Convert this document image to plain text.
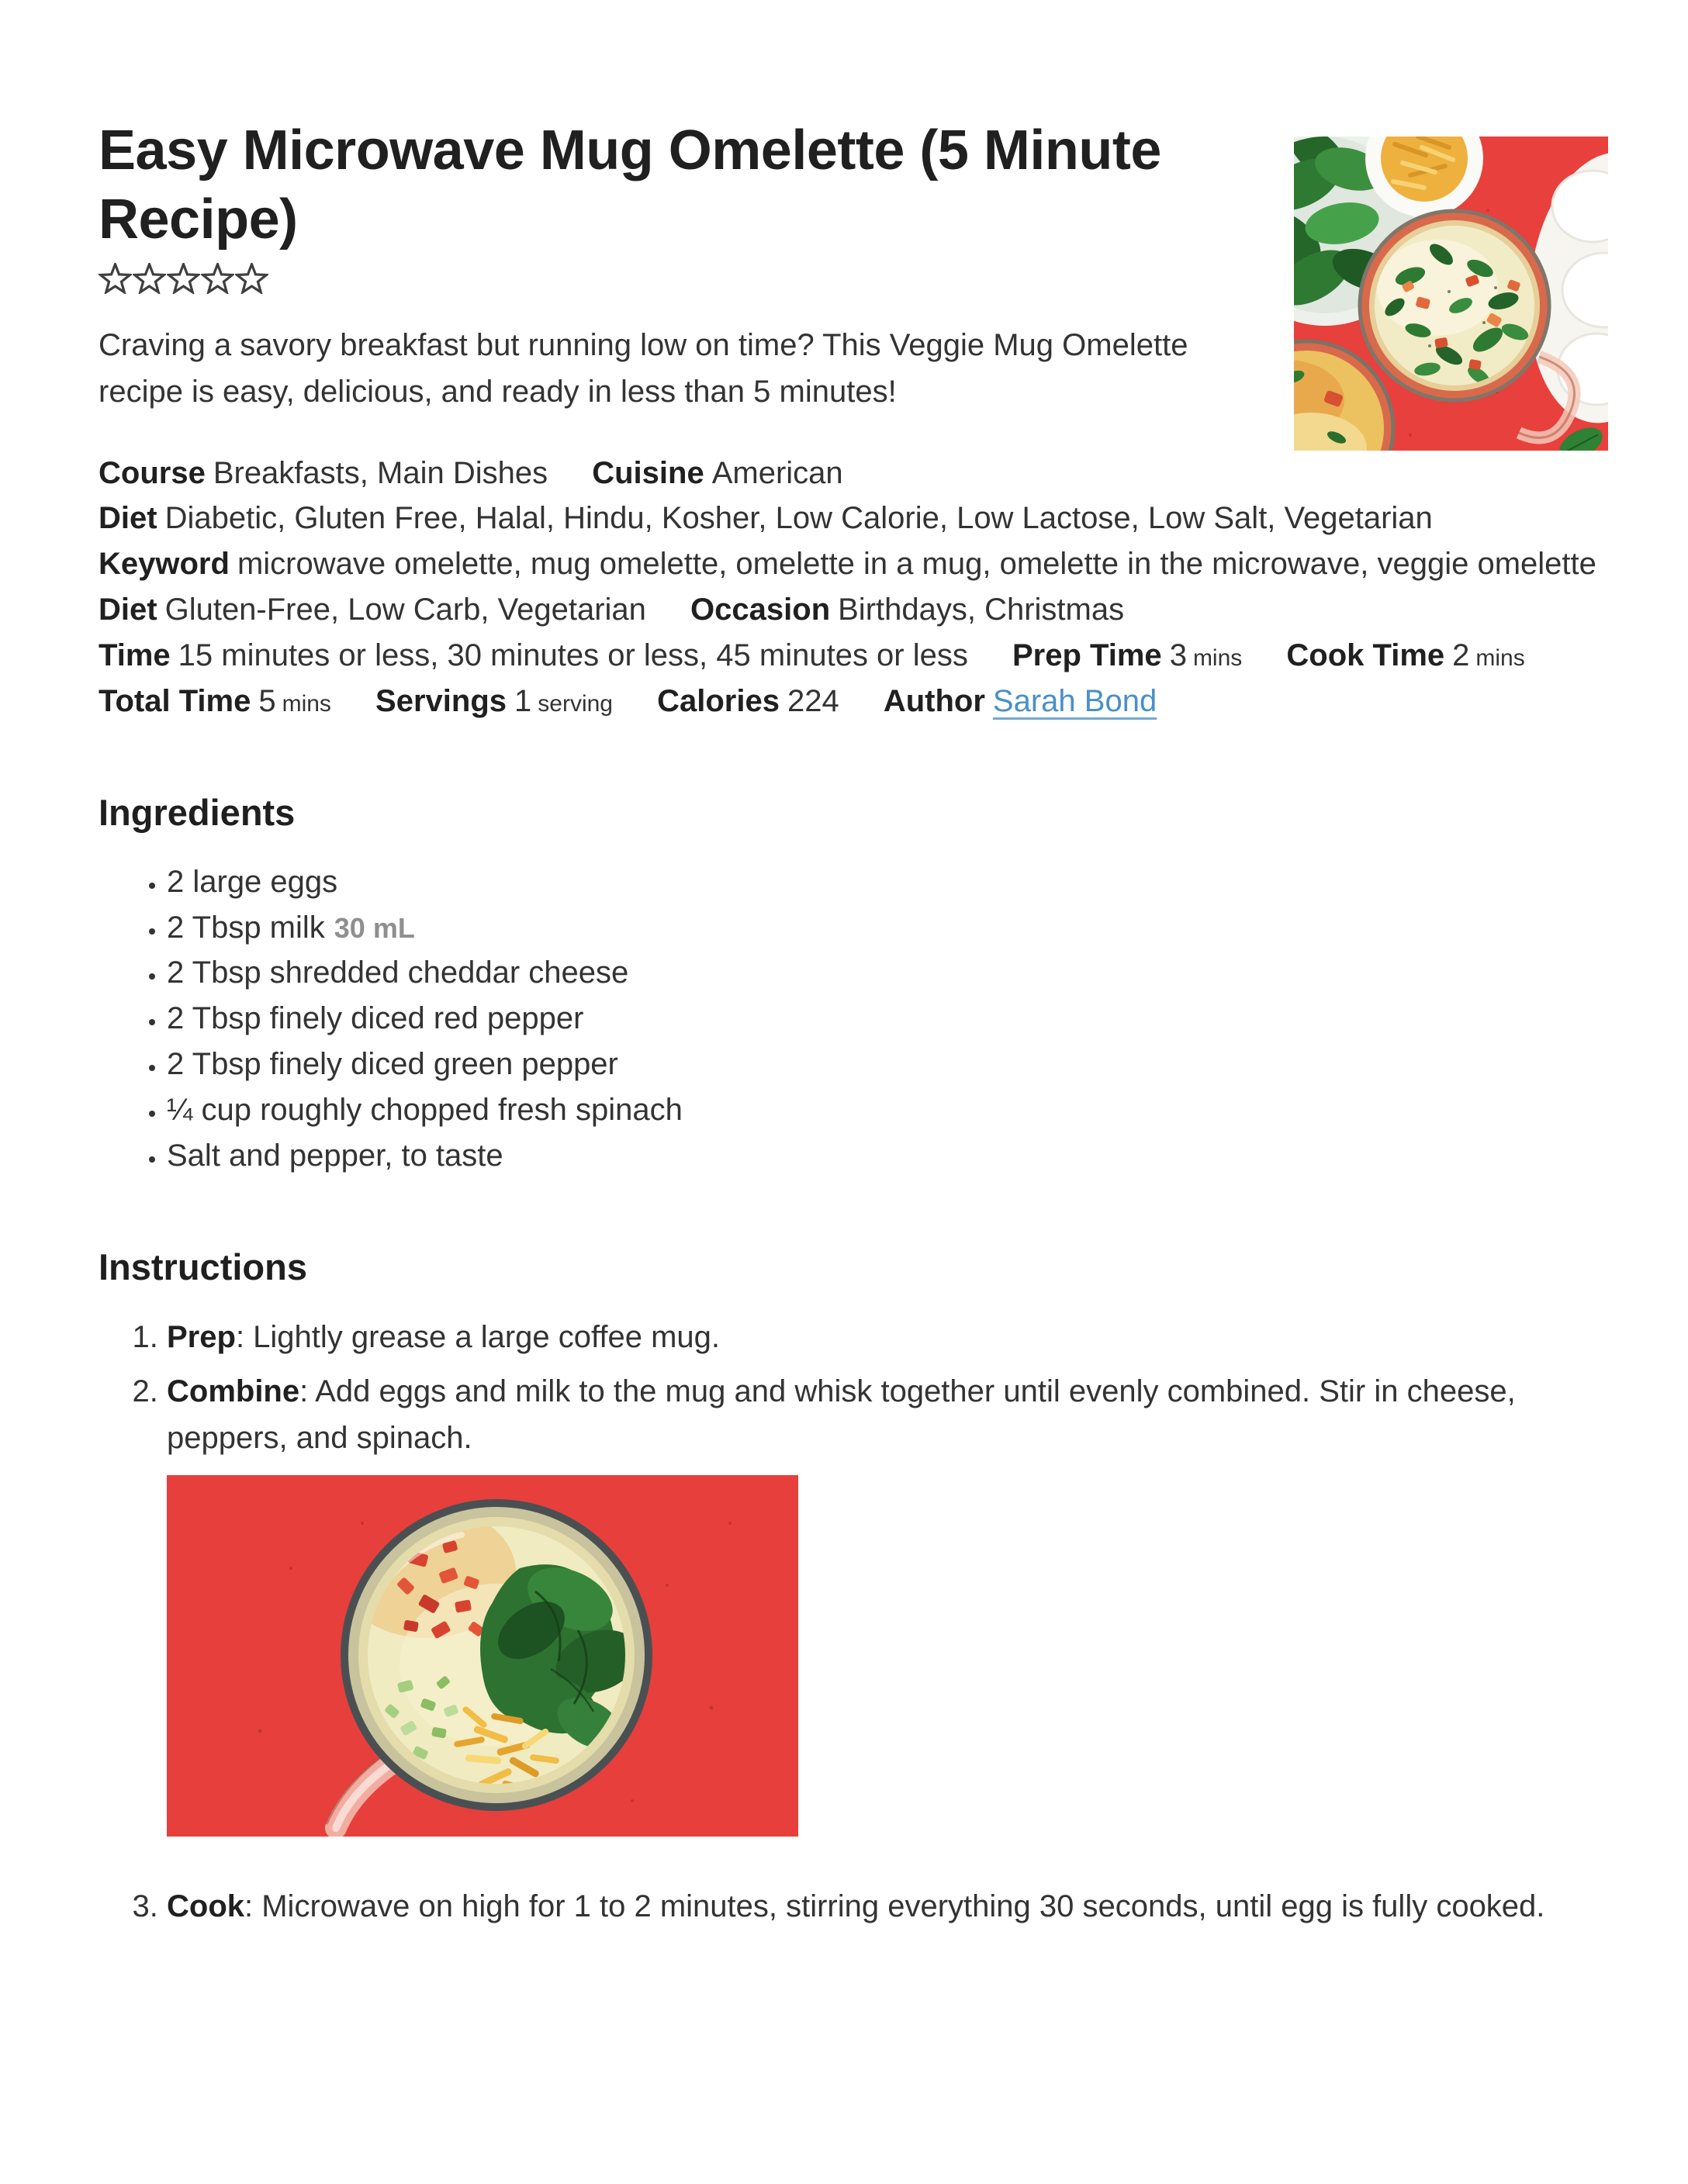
Easy Microwave Mug Omelette (5 Minute Recipe)

Craving a savory breakfast but running low on time? This Veggie Mug Omelette recipe is easy, delicious, and ready in less than 5 minutes!

Course Breakfasts, Main Dishes Cuisine American
Diet Diabetic, Gluten Free, Halal, Hindu, Kosher, Low Calorie, Low Lactose, Low Salt, Vegetarian
Keyword microwave omelette, mug omelette, omelette in a mug, omelette in the microwave, veggie omelette
Diet Gluten-Free, Low Carb, Vegetarian Occasion Birthdays, Christmas
Time 15 minutes or less, 30 minutes or less, 45 minutes or less Prep Time 3 mins Cook Time 2 mins
Total Time 5 mins Servings 1 serving Calories 224 Author Sarah Bond
Ingredients
• 2 large eggs
• 2 Tbsp milk 30 mL
• 2 Tbsp shredded cheddar cheese
• 2 Tbsp finely diced red pepper
• 2 Tbsp finely diced green pepper
• ¼ cup roughly chopped fresh spinach
• Salt and pepper, to taste
Instructions
1. Prep: Lightly grease a large coffee mug.
2. Combine: Add eggs and milk to the mug and whisk together until evenly combined. Stir in cheese, peppers, and spinach.
3. Cook: Microwave on high for 1 to 2 minutes, stirring everything 30 seconds, until egg is fully cooked.
